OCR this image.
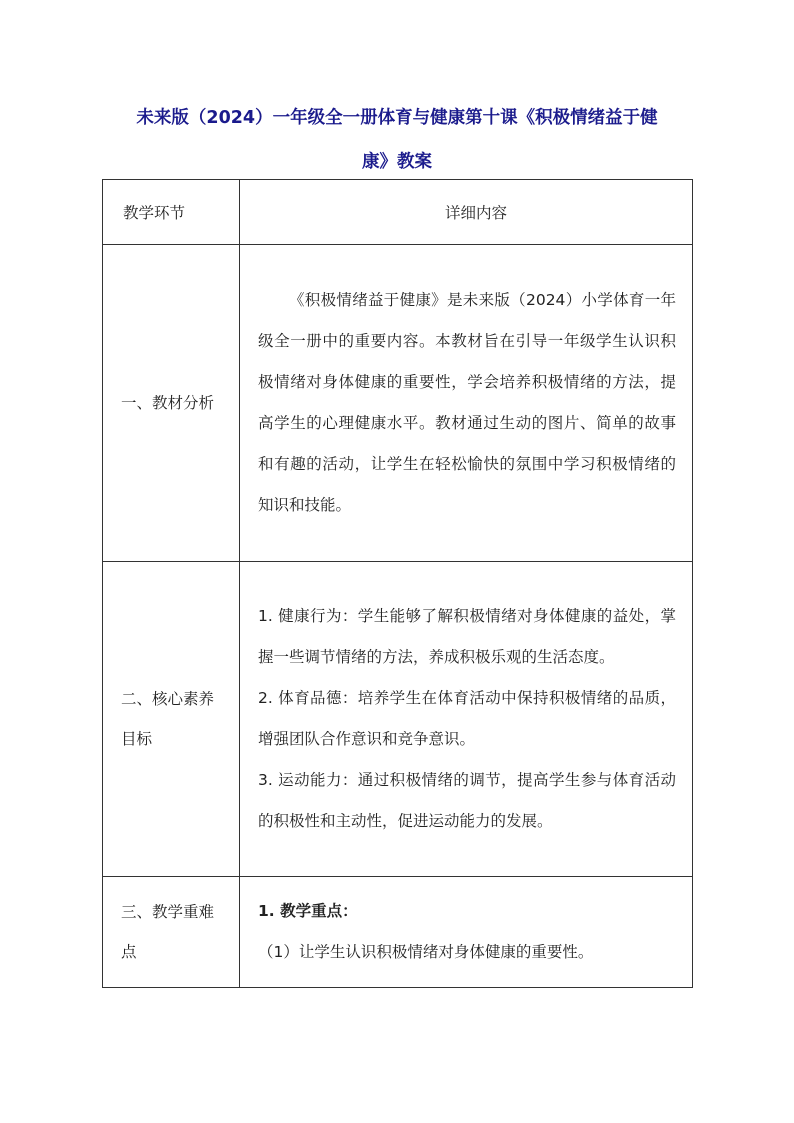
未来版（2024）一年级全一册体育与健康第十课《积极情绪益于健
康》教案
教学环节	详细内容

一、教材分析	《积极情绪益于健康》是未来版（2024）小学体育一年级全一册中的重要内容。本教材旨在引导一年级学生认识积极情绪对身体健康的重要性，学会培养积极情绪的方法，提高学生的心理健康水平。教材通过生动的图片、简单的故事和有趣的活动，让学生在轻松愉快的氛围中学习积极情绪的知识和技能。

二、核心素养目标	1. 健康行为：学生能够了解积极情绪对身体健康的益处，掌握一些调节情绪的方法，养成积极乐观的生活态度。

2. 体育品德：培养学生在体育活动中保持积极情绪的品质，增强团队合作意识和竞争意识。

3. 运动能力：通过积极情绪的调节，提高学生参与体育活动的积极性和主动性，促进运动能力的发展。

三、教学重难点	1. 教学重点：

（1）让学生认识积极情绪对身体健康的重要性。
